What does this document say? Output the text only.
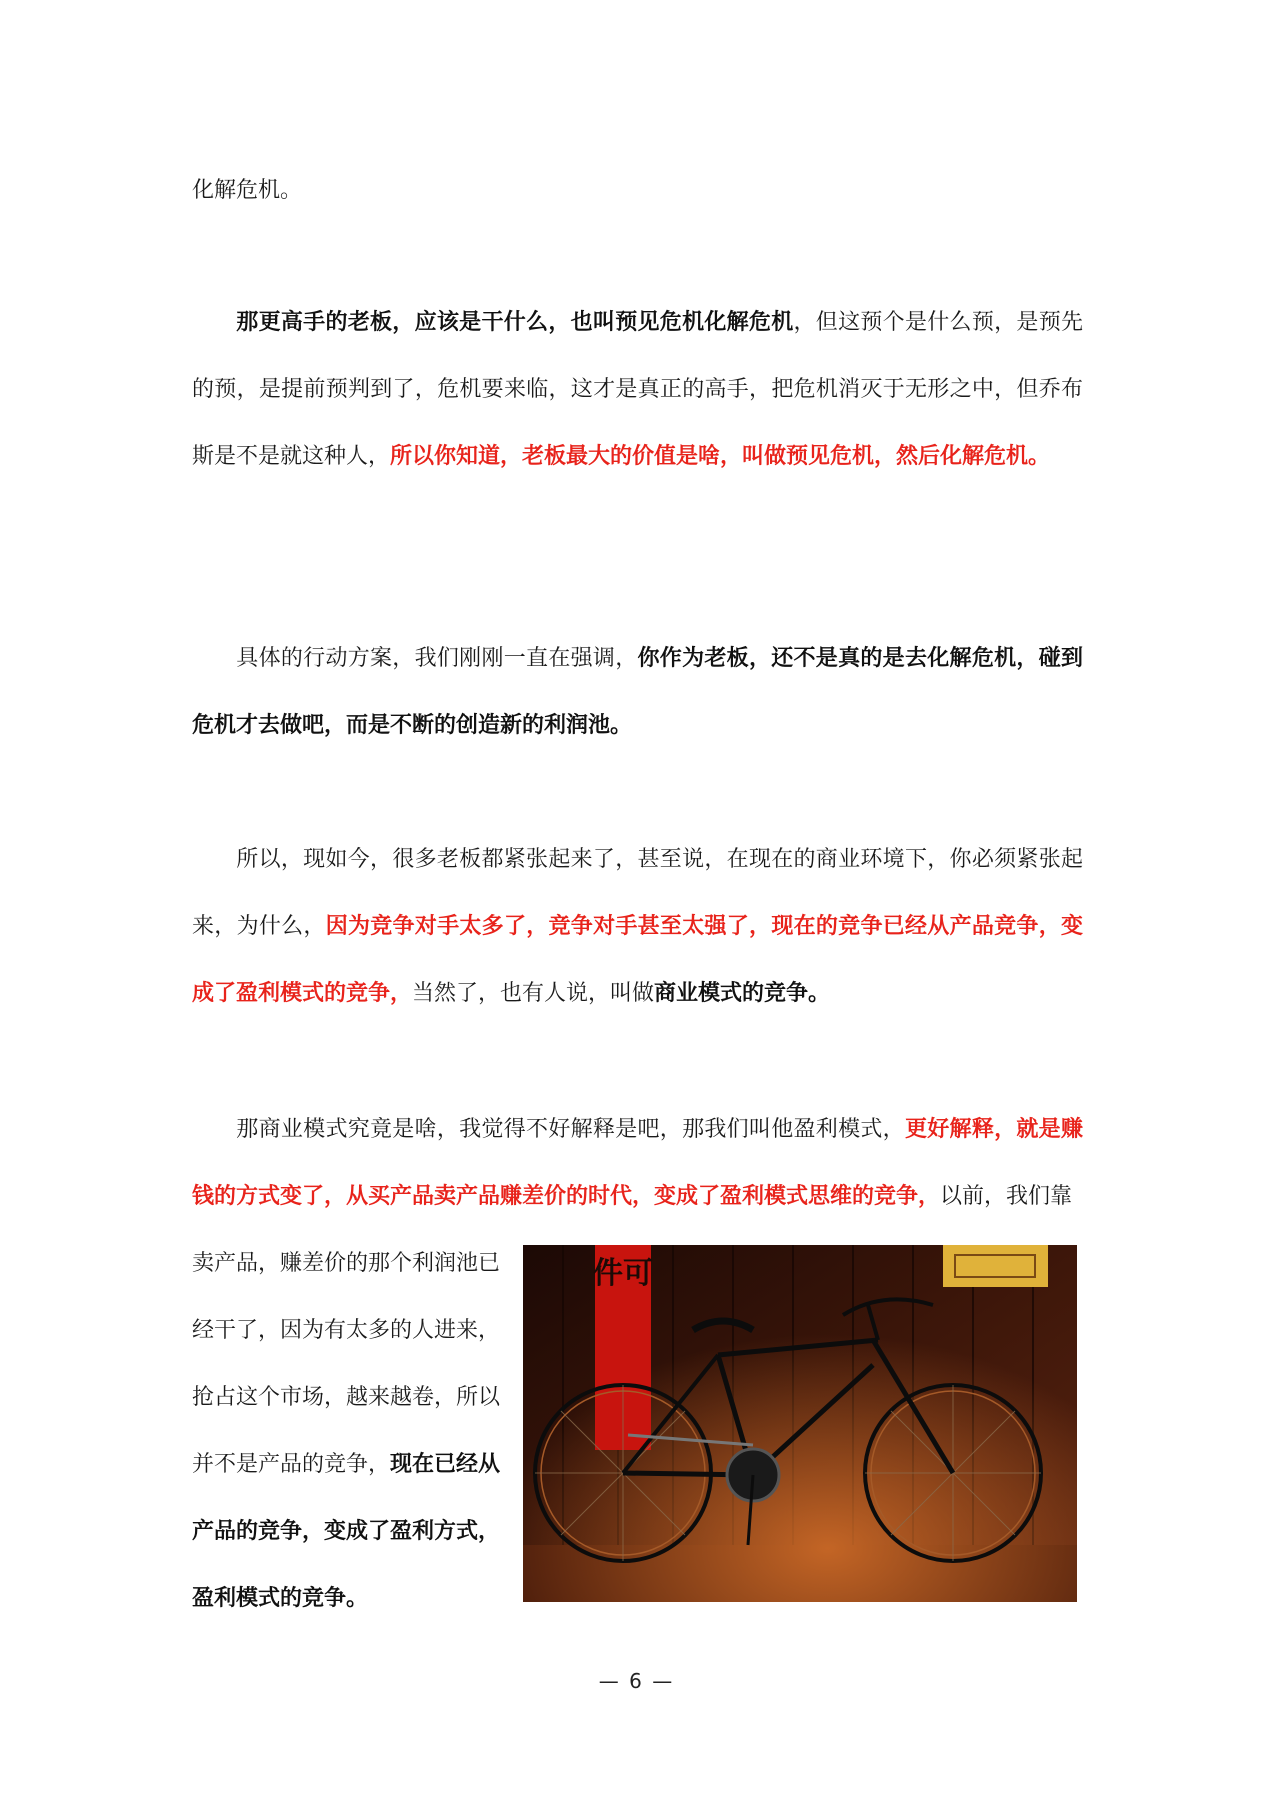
化解危机。

那更高手的老板，应该是干什么，也叫预见危机化解危机，但这预个是什么预，是预先的预，是提前预判到了，危机要来临，这才是真正的高手，把危机消灭于无形之中，但乔布斯是不是就这种人，所以你知道，老板最大的价值是啥，叫做预见危机，然后化解危机。

具体的行动方案，我们刚刚一直在强调，你作为老板，还不是真的是去化解危机，碰到危机才去做吧，而是不断的创造新的利润池。

所以，现如今，很多老板都紧张起来了，甚至说，在现在的商业环境下，你必须紧张起来，为什么，因为竞争对手太多了，竞争对手甚至太强了，现在的竞争已经从产品竞争，变成了盈利模式的竞争，当然了，也有人说，叫做商业模式的竞争。

那商业模式究竟是啥，我觉得不好解释是吧，那我们叫他盈利模式，更好解释，就是赚钱的方式变了，从买产品卖产品赚差价的时代，变成了盈利模式思维的竞争，以前，我们靠

卖产品，赚差价的那个利润池已经干了，因为有太多的人进来，抢占这个市场，越来越卷，所以并不是产品的竞争，现在已经从产品的竞争，变成了盈利方式，盈利模式的竞争。

件可
— 6 —
